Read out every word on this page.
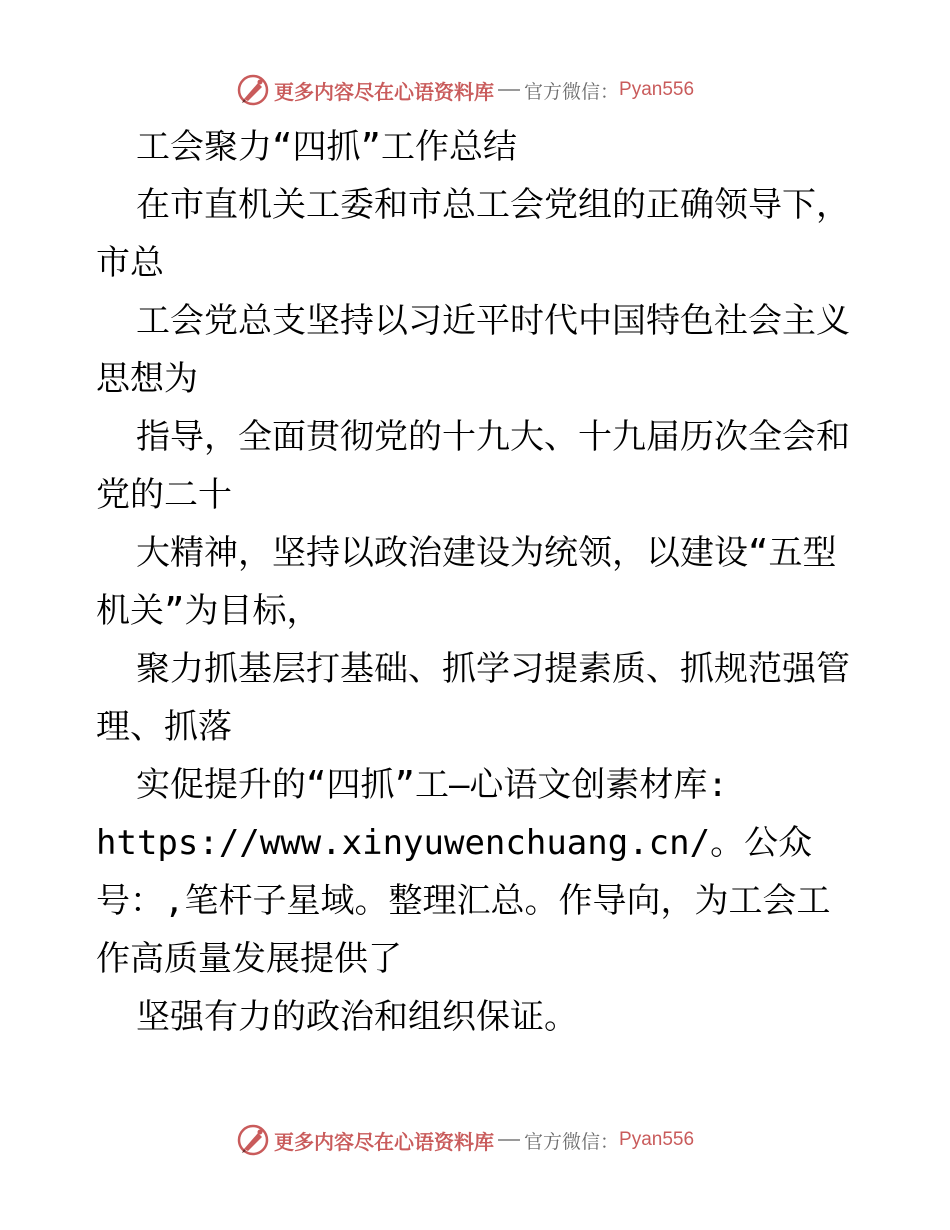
更多内容尽在心语资料库 官方微信： Pyan556

工会聚力“四抓”工作总结

在市直机关工委和市总工会党组的正确领导下，市总

工会党总支坚持以习近平时代中国特色社会主义思想为

指导，全面贯彻党的十九大、十九届历次全会和党的二十

大精神，坚持以政治建设为统领，以建设“五型机关”为目标，

聚力抓基层打基础、抓学习提素质、抓规范强管理、抓落

实促提升的“四抓”工—心语文创素材库:

https://www.xinyuwenchuang.cn/。公众号：,笔杆子星域。整理汇总。作导向，为工会工作高质量发展提供了

坚强有力的政治和组织保证。

更多内容尽在心语资料库 官方微信： Pyan556
